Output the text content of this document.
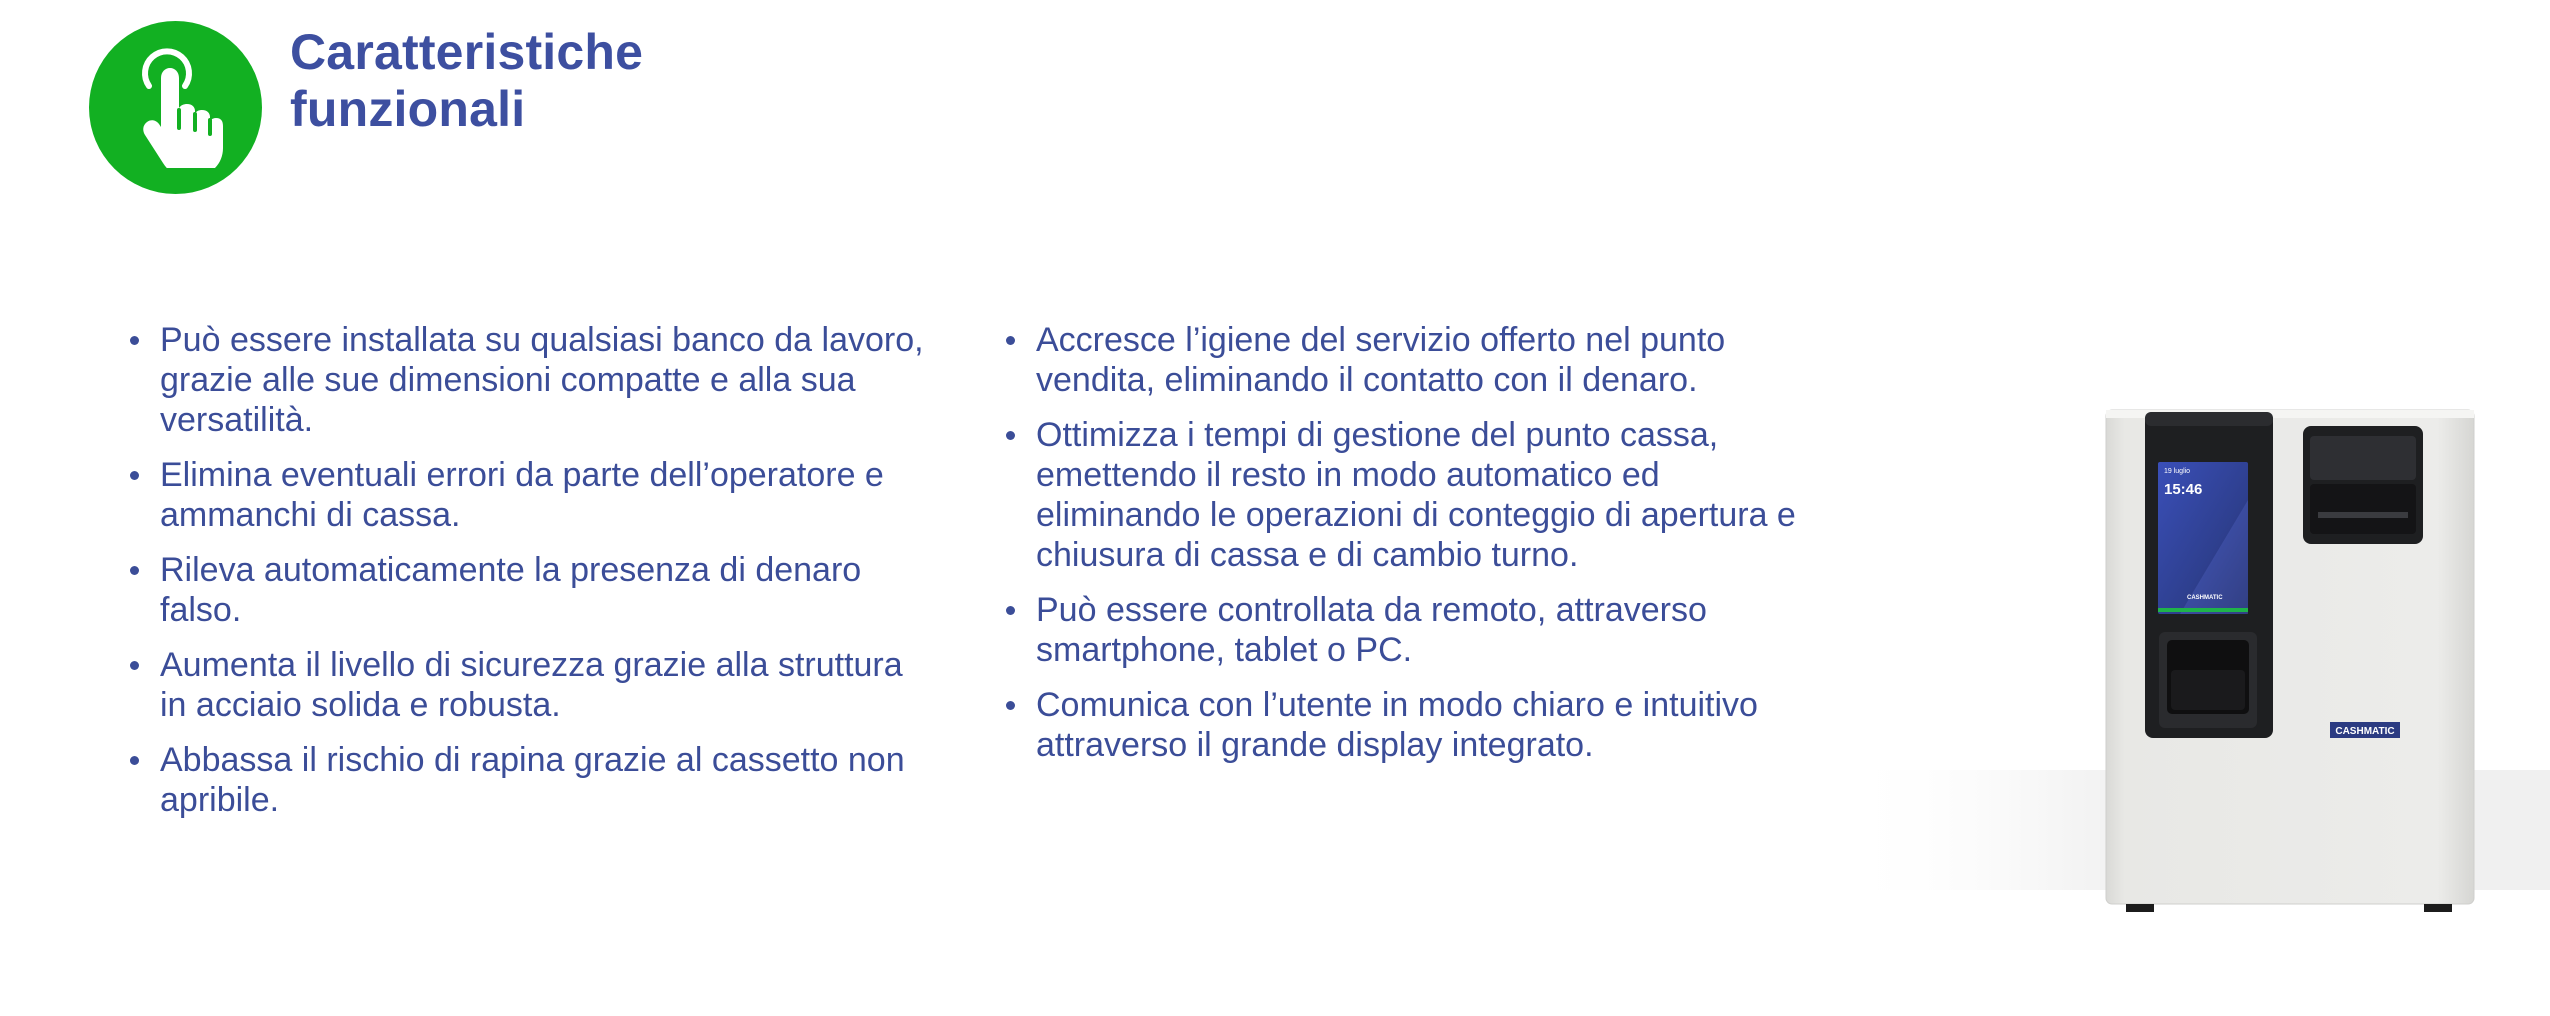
Caratteristiche
funzionali
Può essere installata su qualsiasi banco da lavoro, grazie alle sue dimensioni compatte e alla sua versatilità.
Elimina eventuali errori da parte dell’operatore e ammanchi di cassa.
Rileva automaticamente la presenza di denaro falso.
Aumenta il livello di sicurezza grazie alla struttura in acciaio solida e robusta.
Abbassa il rischio di rapina grazie al cassetto non apribile.
Accresce l’igiene del servizio offerto nel punto vendita, eliminando il contatto con il denaro.
Ottimizza i tempi di gestione del punto cassa, emettendo il resto in modo automatico ed eliminando le operazioni di conteggio di apertura e chiusura di cassa e di cambio turno.
Può essere controllata da remoto, attraverso smartphone, tablet o PC.
Comunica con l’utente in modo chiaro e intuitivo attraverso il grande display integrato.
19 luglio
15:46
CASHMATIC
CASHMATIC
